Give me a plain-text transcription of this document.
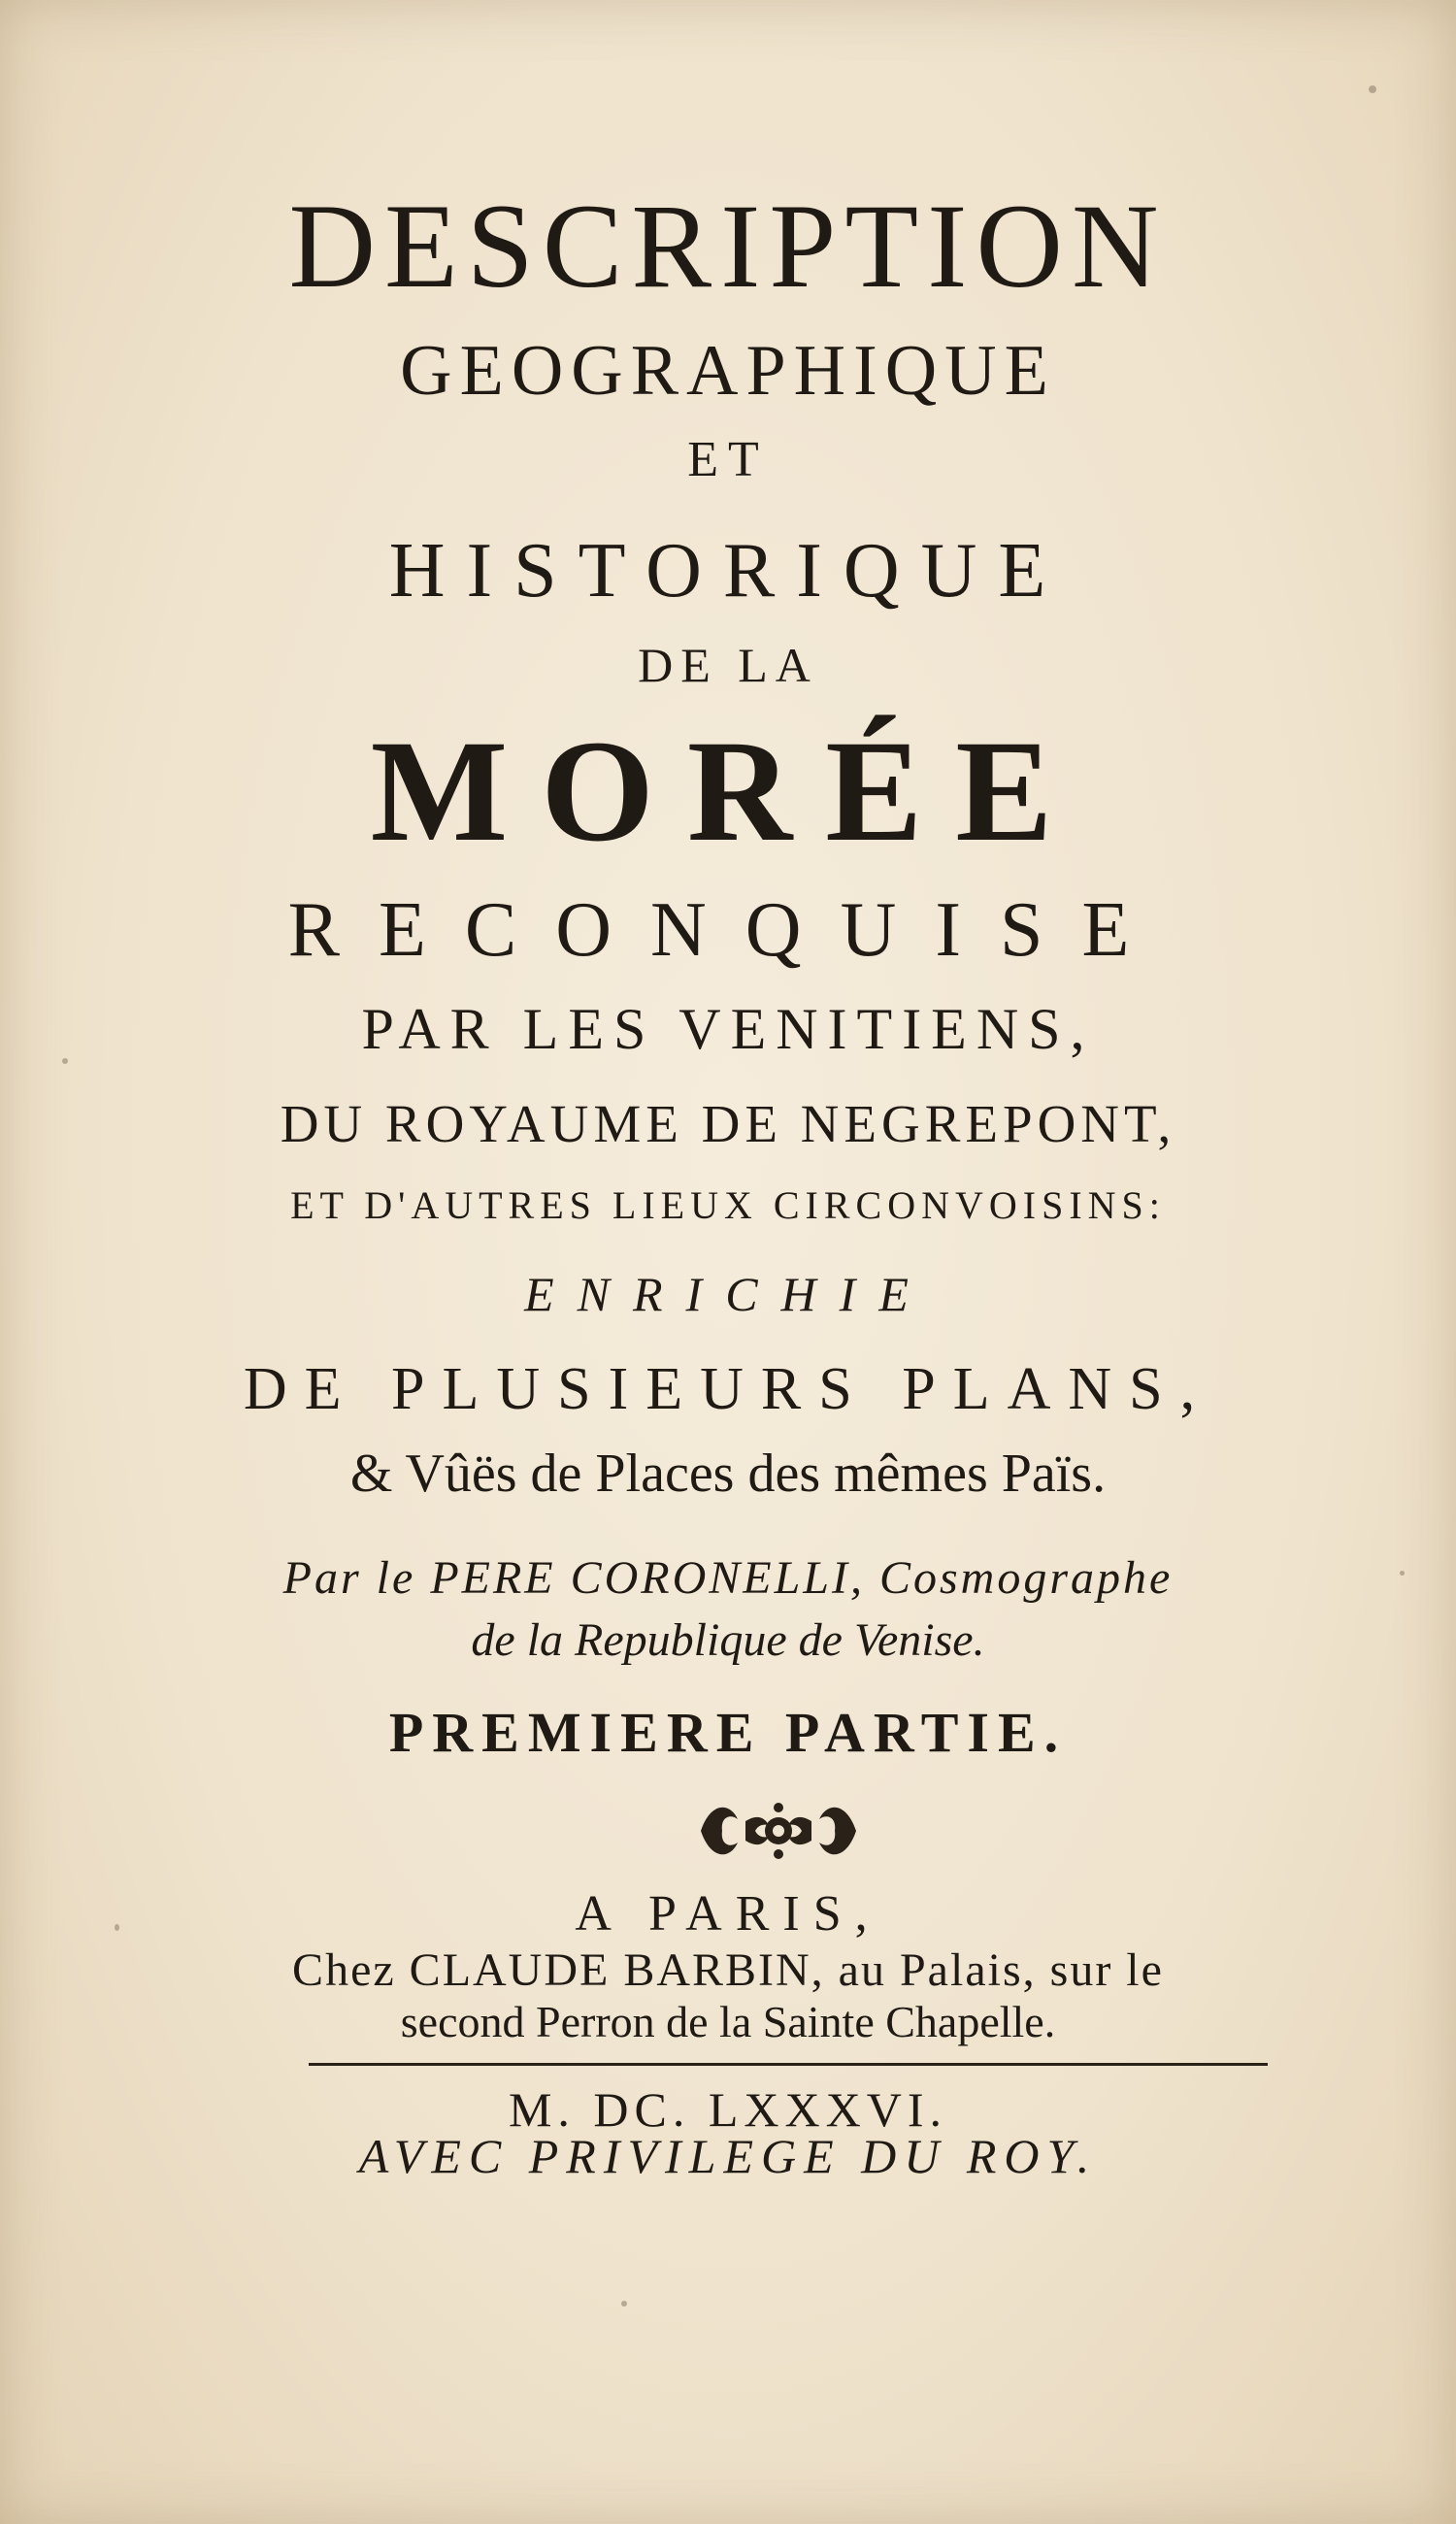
DESCRIPTION
GEOGRAPHIQUE
ET
HISTORIQUE
DE LA
MORÉE
RECONQUISE
PAR LES VENITIENS,
DU ROYAUME DE NEGREPONT,
ET D'AUTRES LIEUX CIRCONVOISINS:
ENRICHIE
DE PLUSIEURS PLANS,
& Vûës de Places des mêmes Païs.
Par le PERE CORONELLI, Cosmographe
de la Republique de Venise.
PREMIERE PARTIE.
A PARIS,
Chez CLAUDE BARBIN, au Palais, sur le
second Perron de la Sainte Chapelle.
M. DC. LXXXVI.
AVEC PRIVILEGE DU ROY.
